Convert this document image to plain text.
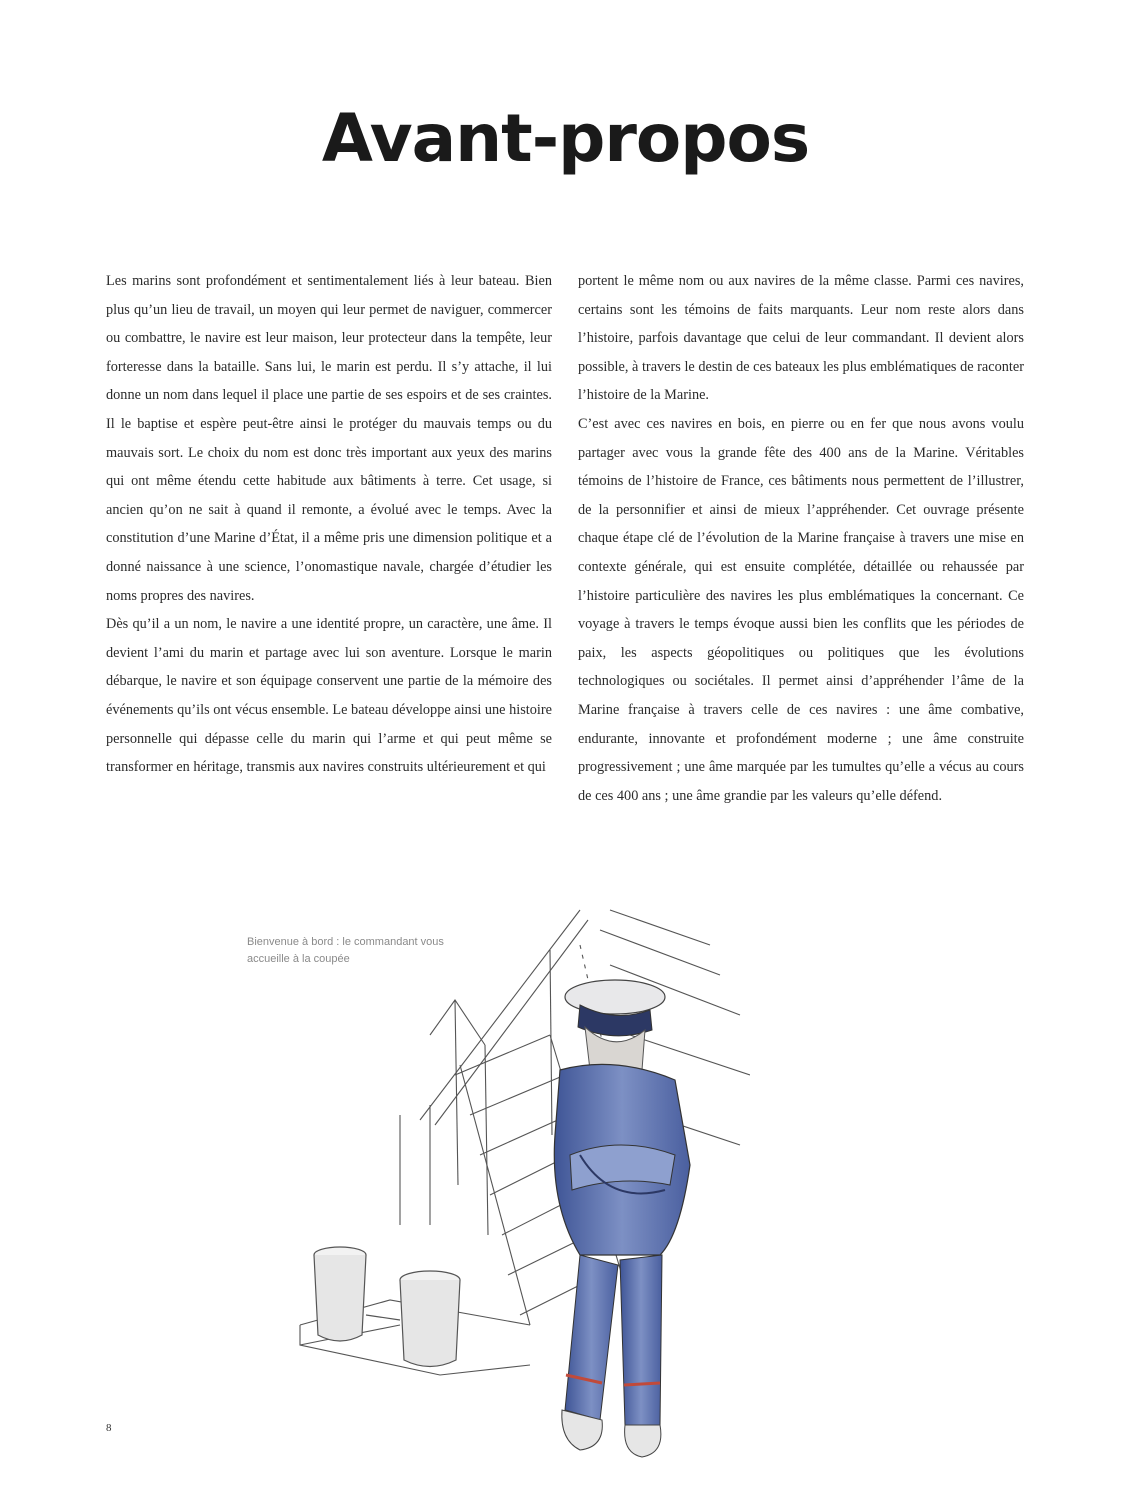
Avant-propos

Les marins sont profondément et sentimentalement liés à leur bateau. Bien plus qu’un lieu de travail, un moyen qui leur permet de naviguer, commercer ou combattre, le navire est leur maison, leur protecteur dans la tempête, leur forteresse dans la bataille. Sans lui, le marin est perdu. Il s’y attache, il lui donne un nom dans lequel il place une partie de ses espoirs et de ses craintes. Il le baptise et espère peut-être ainsi le protéger du mauvais temps ou du mauvais sort. Le choix du nom est donc très important aux yeux des marins qui ont même étendu cette habitude aux bâtiments à terre. Cet usage, si ancien qu’on ne sait à quand il remonte, a évolué avec le temps. Avec la constitution d’une Marine d’État, il a même pris une dimension politique et a donné naissance à une science, l’onomastique navale, chargée d’étudier les noms propres des navires.

Dès qu’il a un nom, le navire a une identité propre, un caractère, une âme. Il devient l’ami du marin et partage avec lui son aventure. Lorsque le marin débarque, le navire et son équipage conservent une partie de la mémoire des événements qu’ils ont vécus ensemble. Le bateau développe ainsi une histoire personnelle qui dépasse celle du marin qui l’arme et qui peut même se transformer en héritage, transmis aux navires construits ultérieurement et qui

portent le même nom ou aux navires de la même classe. Parmi ces navires, certains sont les témoins de faits marquants. Leur nom reste alors dans l’histoire, parfois davantage que celui de leur commandant. Il devient alors possible, à travers le destin de ces bateaux les plus emblématiques de raconter l’histoire de la Marine.

C’est avec ces navires en bois, en pierre ou en fer que nous avons voulu partager avec vous la grande fête des 400 ans de la Marine. Véritables témoins de l’histoire de France, ces bâtiments nous permettent de l’illustrer, de la personnifier et ainsi de mieux l’appréhender. Cet ouvrage présente chaque étape clé de l’évolution de la Marine française à travers une mise en contexte générale, qui est ensuite complétée, détaillée ou rehaussée par l’histoire particulière des navires les plus emblématiques la concernant. Ce voyage à travers le temps évoque aussi bien les conflits que les périodes de paix, les aspects géopolitiques ou politiques que les évolutions technologiques ou sociétales. Il permet ainsi d’appréhender l’âme de la Marine française à travers celle de ces navires : une âme combative, endurante, innovante et profondément moderne ; une âme construite progressivement ; une âme marquée par les tumultes qu’elle a vécus au cours de ces 400 ans ; une âme grandie par les valeurs qu’elle défend.

Bienvenue à bord : le commandant vous accueille à la coupée
8
